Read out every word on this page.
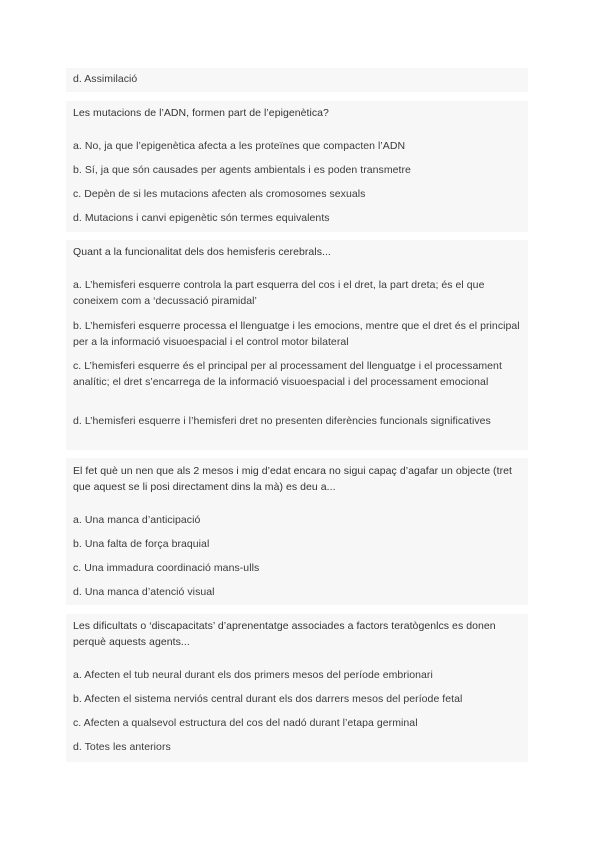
d. Assimilació
Les mutacions de l’ADN, formen part de l’epigenètica?
a. No, ja que l’epigenètica afecta a les proteïnes que compacten l’ADN
b. Sí, ja que són causades per agents ambientals i es poden transmetre
c. Depèn de si les mutacions afecten als cromosomes sexuals
d. Mutacions i canvi epigenètic són termes equivalents
Quant a la funcionalitat dels dos hemisferis cerebrals...
a. L’hemisferi esquerre controla la part esquerra del cos i el dret, la part dreta; és el que coneixem com a ‘decussació piramidal’
b. L’hemisferi esquerre processa el llenguatge i les emocions, mentre que el dret és el principal per a la informació visuoespacial i el control motor bilateral
c. L’hemisferi esquerre és el principal per al processament del llenguatge i el processament analític; el dret s’encarrega de la informació visuoespacial i del processament emocional
d. L’hemisferi esquerre i l’hemisferi dret no presenten diferències funcionals significatives
El fet què un nen que als 2 mesos i mig d’edat encara no sigui capaç d’agafar un objecte (tret que aquest se li posi directament dins la mà) es deu a...
a. Una manca d’anticipació
b. Una falta de força braquial
c. Una immadura coordinació mans-ulls
d. Una manca d’atenció visual
Les dificultats o ‘discapacitats’ d’aprenentatge associades a factors teratògenlcs es donen perquè aquests agents...
a. Afecten el tub neural durant els dos primers mesos del període embrionari
b. Afecten el sistema nerviós central durant els dos darrers mesos del període fetal
c. Afecten a qualsevol estructura del cos del nadó durant l’etapa germinal
d. Totes les anteriors
